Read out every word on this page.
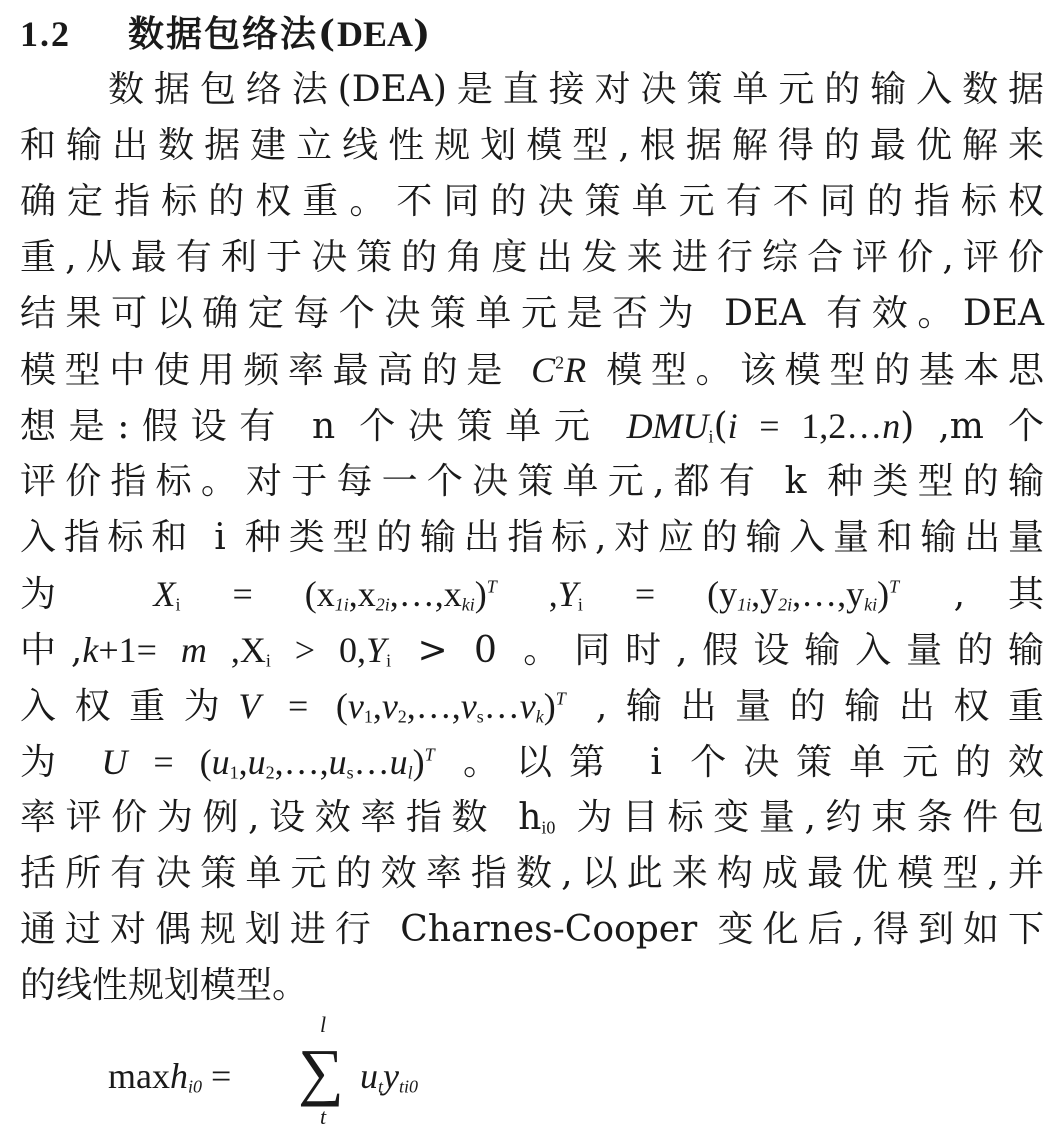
1.2 数据包络法(DEA)
数据包络法(DEA)是直接对决策单元的输入数据
和输出数据建立线性规划模型,根据解得的最优解来
确定指标的权重。不同的决策单元有不同的指标权
重,从最有利于决策的角度出发来进行综合评价,评价
结果可以确定每个决策单元是否为 DEA 有效。DEA
模型中使用频率最高的是 $C^2R$ 模型。该模型的基本思
想是:假设有 n 个决策单元 $DMU_i(i$ = 1,2…n) ,m 个
评价指标。对于每一个决策单元,都有 k 种类型的输
入指标和 i 种类型的输出指标,对应的输入量和输出量
为 $X_i$ = $(x_{1i},x_{2i},\dots,x_{ki})^T$ $,Y_i$ = $(y_{1i},y_{2i},\dots,y_{ki})^T$ ,其
中,k+1= m $,X_i > 0,Y_i > 0$ 。同时,假设输入量的输
入权重为$V = (v_1,v_2,\dots,v_s\dots v_k)^T$ ,输出量的输出权重
为 $U = (u_1,u_2,\dots,u_s\dots u_l)^T$ 。以第 i 个决策单元的效
率评价为例,设效率指数 $h_{i0}$ 为目标变量,约束条件包
括所有决策单元的效率指数,以此来构成最优模型,并
通过对偶规划进行 Charnes-Cooper 变化后,得到如下
的线性规划模型。
maxh$_{i0}$ =
l
∑
t
$u_ty_{ti0}$
